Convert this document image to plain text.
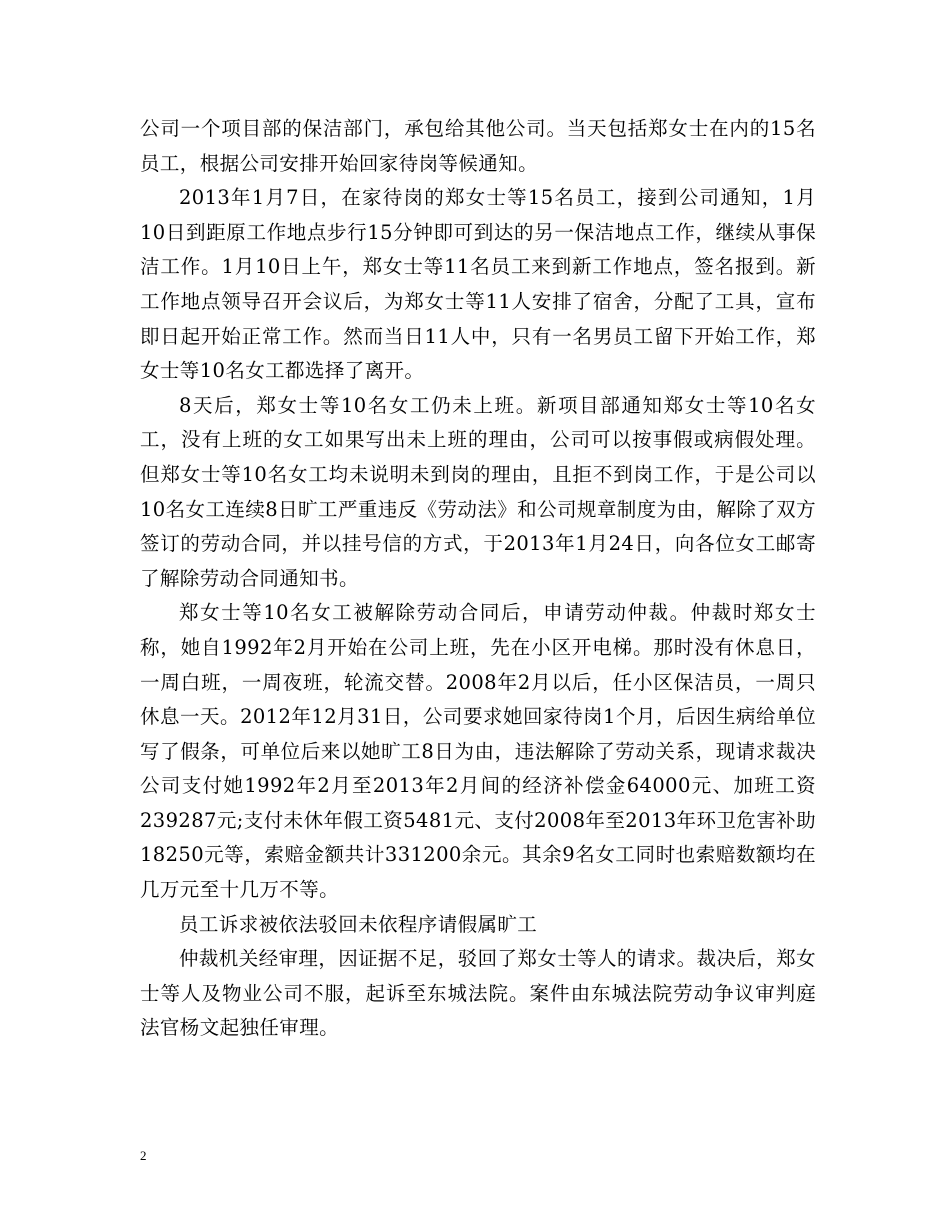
公司一个项目部的保洁部门，承包给其他公司。当天包括郑女士在内的15名员工，根据公司安排开始回家待岗等候通知。

2013年1月7日，在家待岗的郑女士等15名员工，接到公司通知，1月10日到距原工作地点步行15分钟即可到达的另一保洁地点工作，继续从事保洁工作。1月10日上午，郑女士等11名员工来到新工作地点，签名报到。新工作地点领导召开会议后，为郑女士等11人安排了宿舍，分配了工具，宣布即日起开始正常工作。然而当日11人中，只有一名男员工留下开始工作，郑女士等10名女工都选择了离开。

8天后，郑女士等10名女工仍未上班。新项目部通知郑女士等10名女工，没有上班的女工如果写出未上班的理由，公司可以按事假或病假处理。但郑女士等10名女工均未说明未到岗的理由，且拒不到岗工作，于是公司以10名女工连续8日旷工严重违反《劳动法》和公司规章制度为由，解除了双方签订的劳动合同，并以挂号信的方式，于2013年1月24日，向各位女工邮寄了解除劳动合同通知书。

郑女士等10名女工被解除劳动合同后，申请劳动仲裁。仲裁时郑女士称，她自1992年2月开始在公司上班，先在小区开电梯。那时没有休息日，一周白班，一周夜班，轮流交替。2008年2月以后，任小区保洁员，一周只休息一天。2012年12月31日，公司要求她回家待岗1个月，后因生病给单位写了假条，可单位后来以她旷工8日为由，违法解除了劳动关系，现请求裁决公司支付她1992年2月至2013年2月间的经济补偿金64000元、加班工资239287元;支付未休年假工资5481元、支付2008年至2013年环卫危害补助18250元等，索赔金额共计331200余元。其余9名女工同时也索赔数额均在几万元至十几万不等。

员工诉求被依法驳回未依程序请假属旷工

仲裁机关经审理，因证据不足，驳回了郑女士等人的请求。裁决后，郑女士等人及物业公司不服，起诉至东城法院。案件由东城法院劳动争议审判庭法官杨文起独任审理。

2
